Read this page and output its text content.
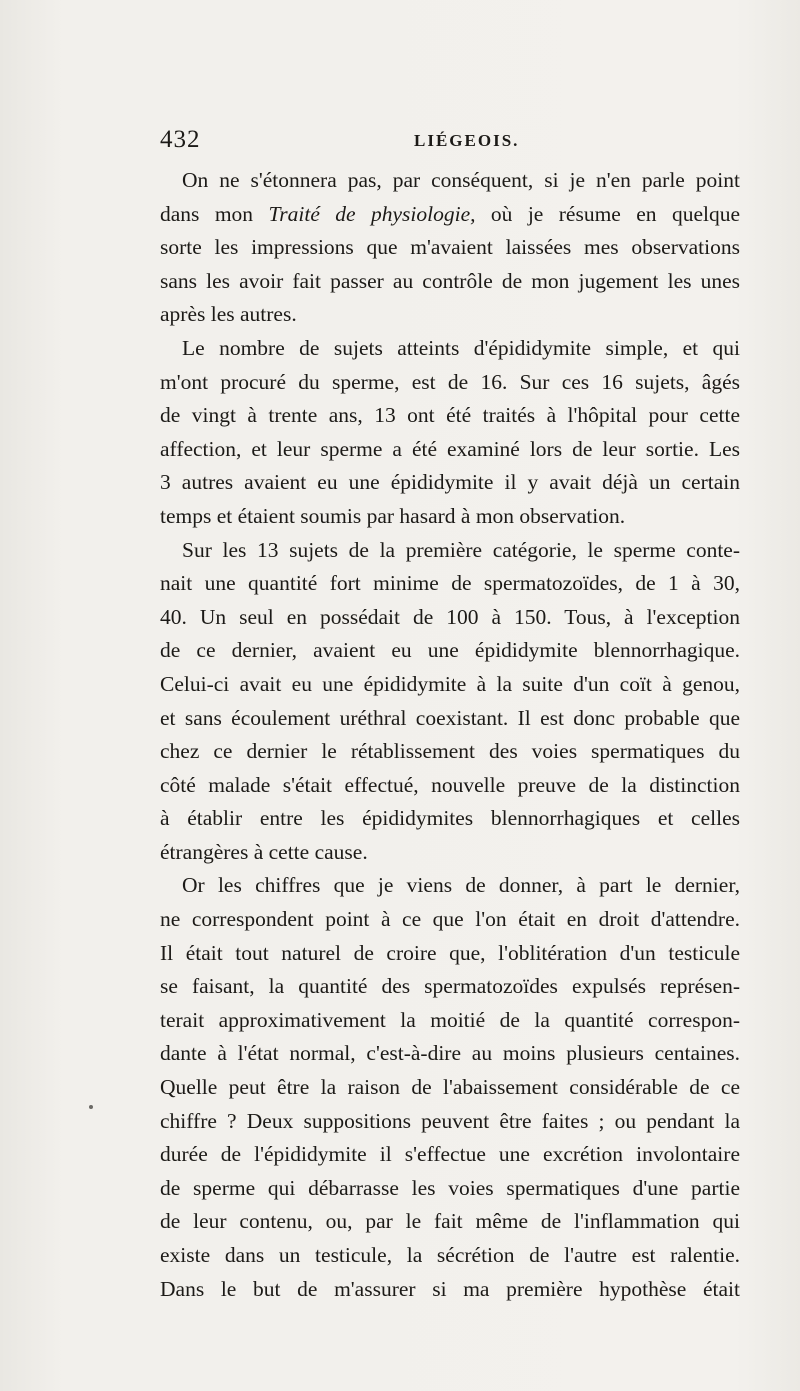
432	LIÉGEOIS.
On ne s'étonnera pas, par conséquent, si je n'en parle point
dans mon Traité de physiologie, où je résume en quelque
sorte les impressions que m'avaient laissées mes observations
sans les avoir fait passer au contrôle de mon jugement les unes
après les autres.
Le nombre de sujets atteints d'épididymite simple, et qui
m'ont procuré du sperme, est de 16. Sur ces 16 sujets, âgés
de vingt à trente ans, 13 ont été traités à l'hôpital pour cette
affection, et leur sperme a été examiné lors de leur sortie. Les
3 autres avaient eu une épididymite il y avait déjà un certain
temps et étaient soumis par hasard à mon observation.
Sur les 13 sujets de la première catégorie, le sperme conte-
nait une quantité fort minime de spermatozoïdes, de 1 à 30,
40. Un seul en possédait de 100 à 150. Tous, à l'exception
de ce dernier, avaient eu une épididymite blennorrhagique.
Celui-ci avait eu une épididymite à la suite d'un coït à genou,
et sans écoulement uréthral coexistant. Il est donc probable que
chez ce dernier le rétablissement des voies spermatiques du
côté malade s'était effectué, nouvelle preuve de la distinction
à établir entre les épididymites blennorrhagiques et celles
étrangères à cette cause.
Or les chiffres que je viens de donner, à part le dernier,
ne correspondent point à ce que l'on était en droit d'attendre.
Il était tout naturel de croire que, l'oblitération d'un testicule
se faisant, la quantité des spermatozoïdes expulsés représen-
terait approximativement la moitié de la quantité correspon-
dante à l'état normal, c'est-à-dire au moins plusieurs centaines.
Quelle peut être la raison de l'abaissement considérable de ce
chiffre ? Deux suppositions peuvent être faites ; ou pendant la
durée de l'épididymite il s'effectue une excrétion involontaire
de sperme qui débarrasse les voies spermatiques d'une partie
de leur contenu, ou, par le fait même de l'inflammation qui
existe dans un testicule, la sécrétion de l'autre est ralentie.
Dans le but de m'assurer si ma première hypothèse était
